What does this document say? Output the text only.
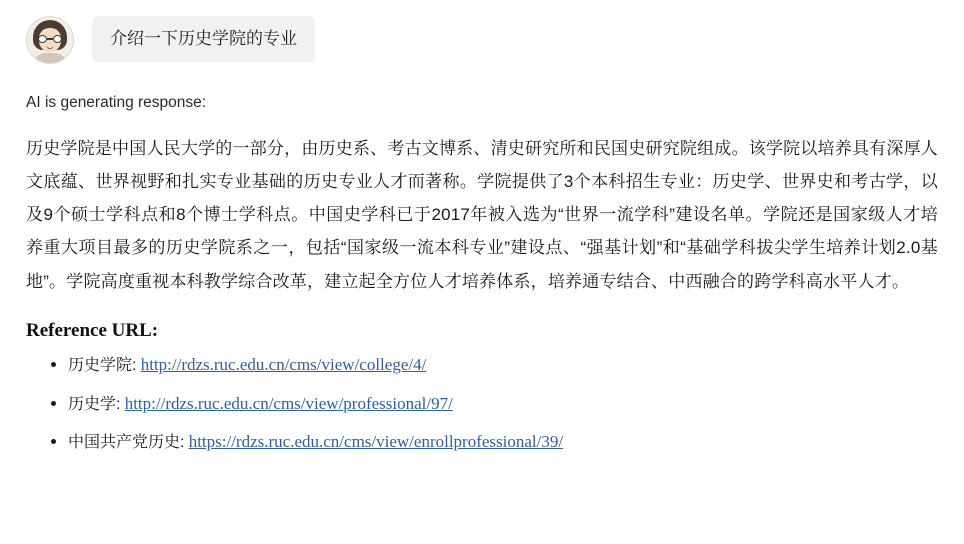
介绍一下历史学院的专业
AI is generating response:
历史学院是中国人民大学的一部分，由历史系、考古文博系、清史研究所和民国史研究院组成。该学院以培养具有深厚人文底蕴、世界视野和扎实专业基础的历史专业人才而著称。学院提供了3个本科招生专业：历史学、世界史和考古学，以及9个硕士学科点和8个博士学科点。中国史学科已于2017年被入选为“世界一流学科”建设名单。学院还是国家级人才培养重大项目最多的历史学院系之一，包括“国家级一流本科专业”建设点、“强基计划”和“基础学科拔尖学生培养计划2.0基地”。学院高度重视本科教学综合改革，建立起全方位人才培养体系，培养通专结合、中西融合的跨学科高水平人才。
Reference URL:
• 历史学院: http://rdzs.ruc.edu.cn/cms/view/college/4/
• 历史学: http://rdzs.ruc.edu.cn/cms/view/professional/97/
• 中国共产党历史: https://rdzs.ruc.edu.cn/cms/view/enrollprofessional/39/
